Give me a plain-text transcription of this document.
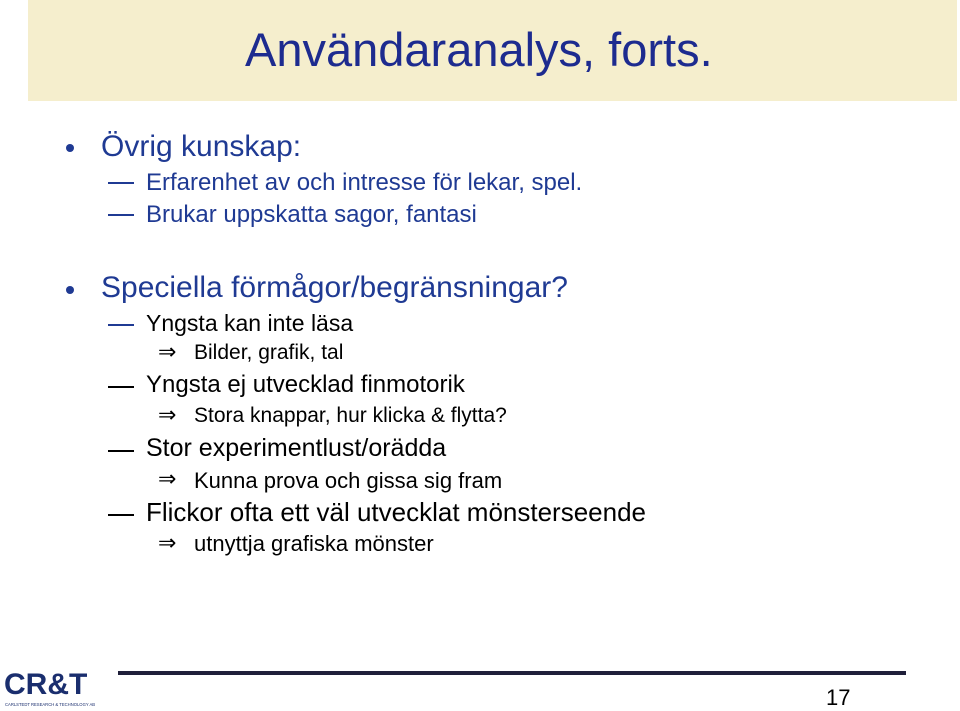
Användaranalys, forts.
Övrig kunskap:
Erfarenhet av och intresse för lekar, spel.
Brukar uppskatta sagor, fantasi
Speciella förmågor/begränsningar?
Yngsta kan inte läsa
⇒ Bilder, grafik, tal
Yngsta ej utvecklad finmotorik
⇒ Stora knappar, hur klicka & flytta?
Stor experimentlust/orädda
⇒ Kunna prova och gissa sig fram
Flickor ofta ett väl utvecklat mönsterseende
⇒ utnyttja grafiska mönster
17
CR&T
CARLSTEDT RESEARCH & TECHNOLOGY AB
